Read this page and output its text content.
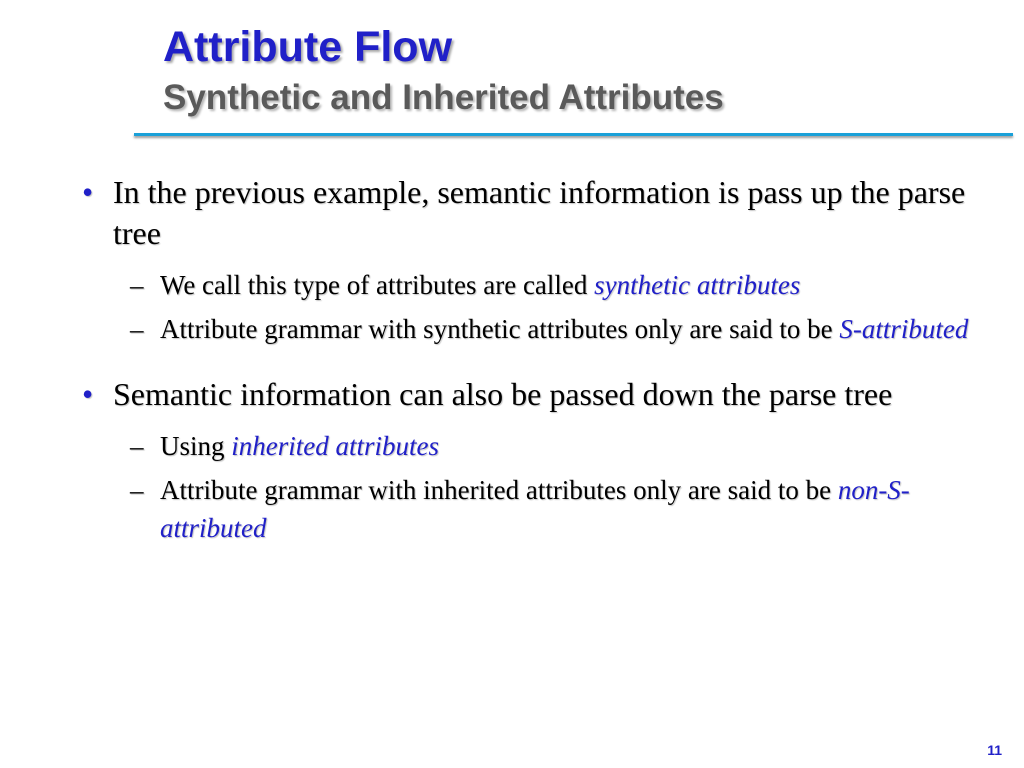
Attribute Flow
Synthetic and Inherited Attributes
• In the previous example, semantic information is pass up the parse tree
– We call this type of attributes are called synthetic attributes
– Attribute grammar with synthetic attributes only are said to be S-attributed
• Semantic information can also be passed down the parse tree
– Using inherited attributes
– Attribute grammar with inherited attributes only are said to be non-S-attributed
11
